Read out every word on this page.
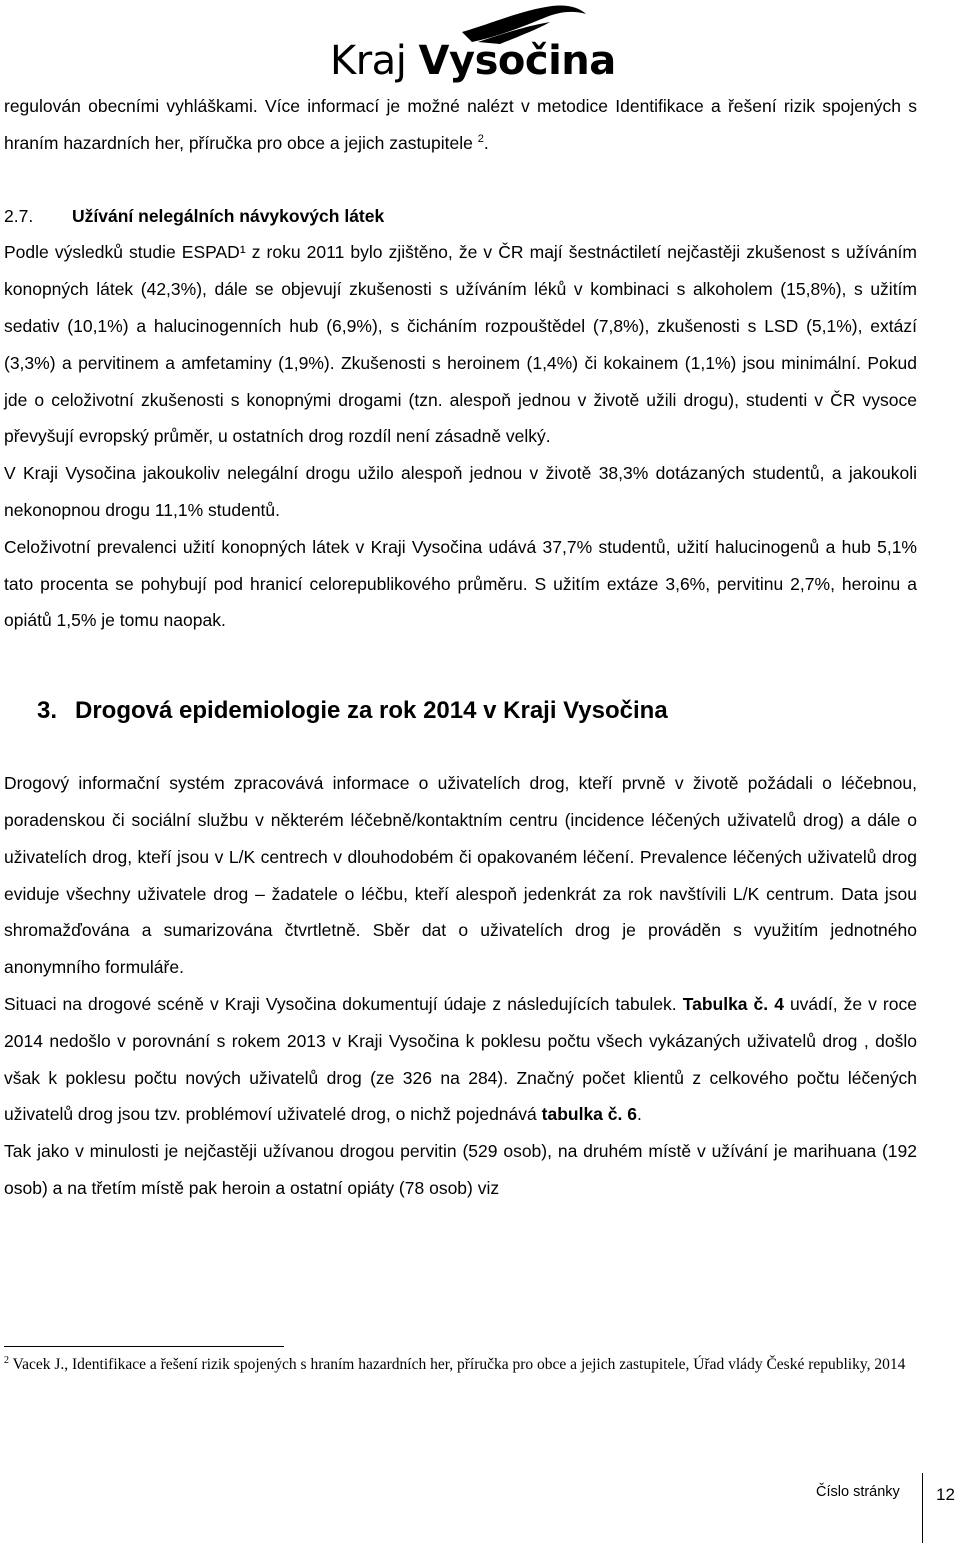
Kraj Vysočina

regulován obecními vyhláškami. Více informací je možné nalézt v metodice Identifikace a řešení rizik spojených s hraním hazardních her, příručka pro obce a jejich zastupitele $^2$.

2.7. Užívání nelegálních návykových látek

Podle výsledků studie ESPAD¹ z roku 2011 bylo zjištěno, že v ČR mají šestnáctiletí nejčastěji zkušenost s užíváním konopných látek (42,3%), dále se objevují zkušenosti s užíváním léků v kombinaci s alkoholem (15,8%), s užitím sedativ (10,1%) a halucinogenních hub (6,9%), s čicháním rozpouštědel (7,8%), zkušenosti s LSD (5,1%), extází (3,3%) a pervitinem a amfetaminy (1,9%). Zkušenosti s heroinem (1,4%) či kokainem (1,1%) jsou minimální. Pokud jde o celoživotní zkušenosti s konopnými drogami (tzn. alespoň jednou v životě užili drogu), studenti v ČR vysoce převyšují evropský průměr, u ostatních drog rozdíl není zásadně velký.

V Kraji Vysočina jakoukoliv nelegální drogu užilo alespoň jednou v životě 38,3% dotázaných studentů, a jakoukoli nekonopnou drogu 11,1% studentů.

Celoživotní prevalenci užití konopných látek v Kraji Vysočina udává 37,7% studentů, užití halucinogenů a hub 5,1% tato procenta se pohybují pod hranicí celorepublikového průměru. S užitím extáze 3,6%, pervitinu 2,7%, heroinu a opiátů 1,5% je tomu naopak.

3. Drogová epidemiologie za rok 2014 v Kraji Vysočina

Drogový informační systém zpracovává informace o uživatelích drog, kteří prvně v životě požádali o léčebnou, poradenskou či sociální službu v některém léčebně/kontaktním centru (incidence léčených uživatelů drog) a dále o uživatelích drog, kteří jsou v L/K centrech v dlouhodobém či opakovaném léčení. Prevalence léčených uživatelů drog eviduje všechny uživatele drog – žadatele o léčbu, kteří alespoň jedenkrát za rok navštívili L/K centrum. Data jsou shromažďována a sumarizována čtvrtletně. Sběr dat o uživatelích drog je prováděn s využitím jednotného anonymního formuláře.

Situaci na drogové scéně v Kraji Vysočina dokumentují údaje z následujících tabulek. Tabulka č. 4 uvádí, že v roce 2014 nedošlo v porovnání s rokem 2013 v Kraji Vysočina k poklesu počtu všech vykázaných uživatelů drog , došlo však k poklesu počtu nových uživatelů drog (ze 326 na 284). Značný počet klientů z celkového počtu léčených uživatelů drog jsou tzv. problémoví uživatelé drog, o nichž pojednává tabulka č. 6.

Tak jako v minulosti je nejčastěji užívanou drogou pervitin (529 osob), na druhém místě v užívání je marihuana (192 osob) a na třetím místě pak heroin a ostatní opiáty (78 osob) viz

$^2$ Vacek J., Identifikace a řešení rizik spojených s hraním hazardních her, příručka pro obce a jejich zastupitele, Úřad vlády České republiky, 2014
Číslo stránky 12
